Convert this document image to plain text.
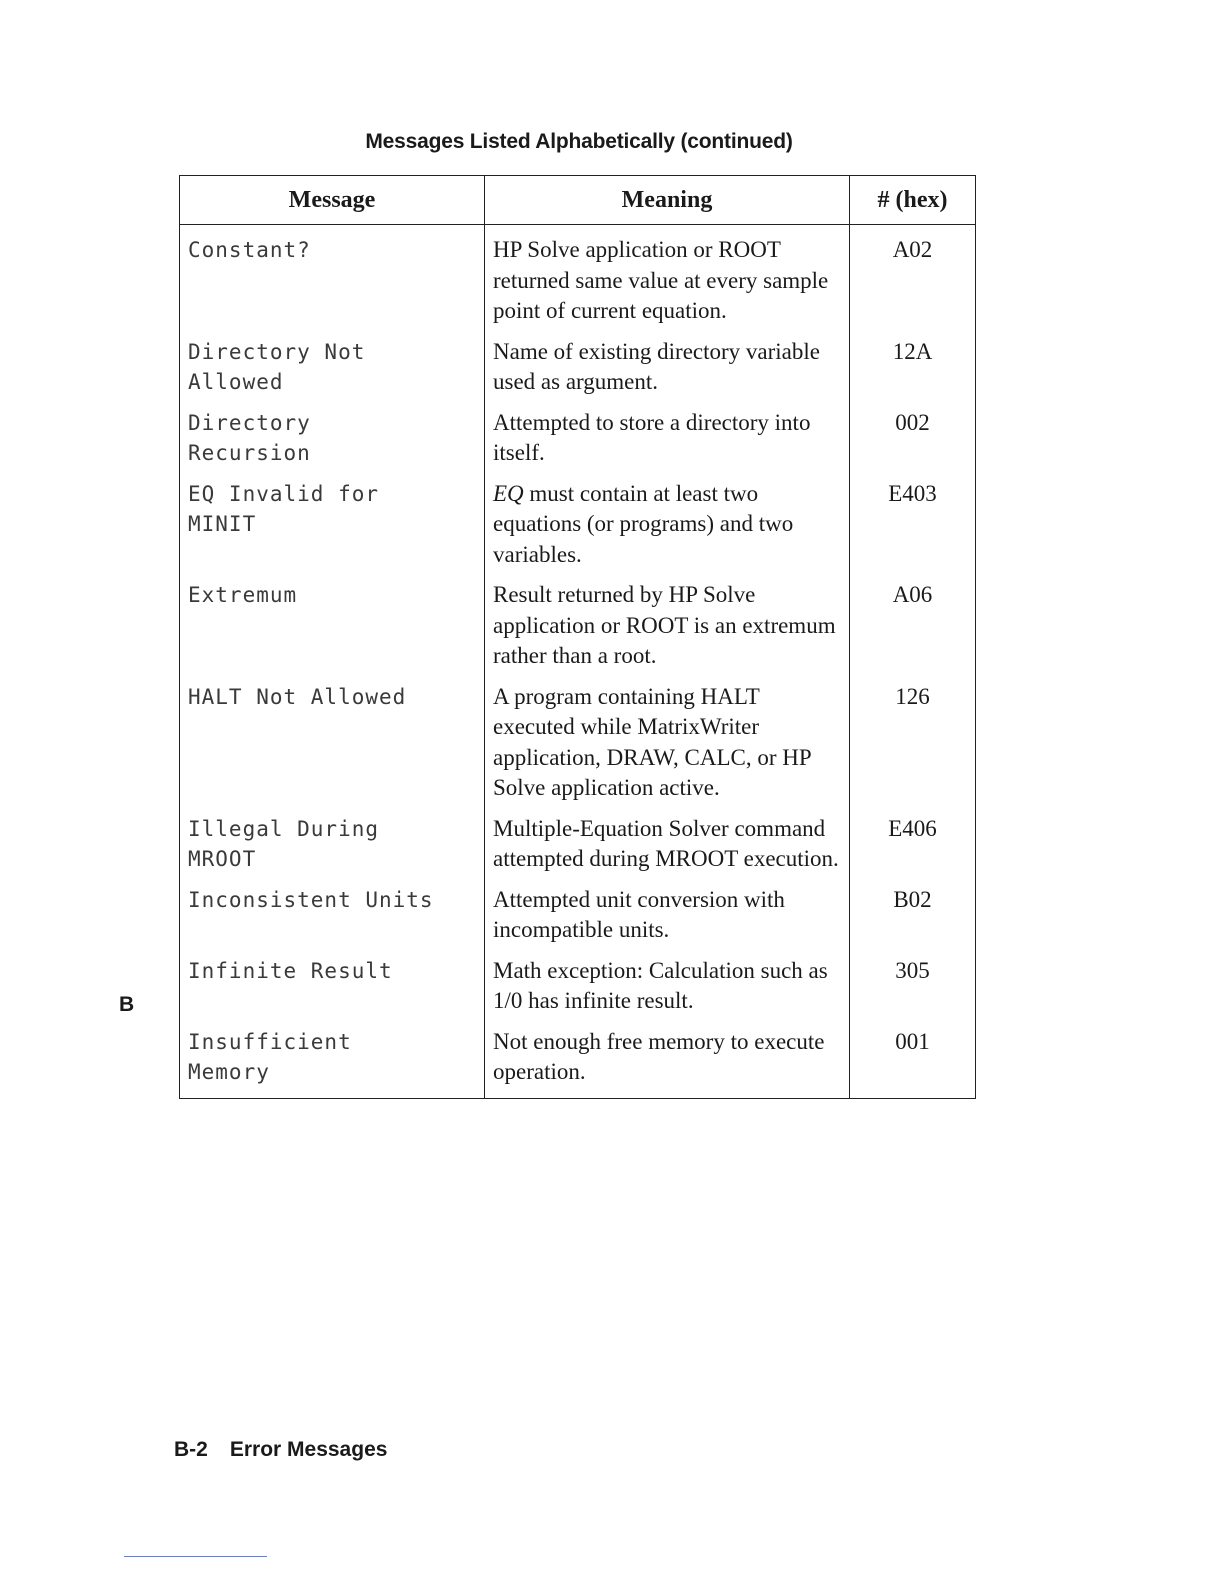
Messages Listed Alphabetically (continued)
Message	Meaning	# (hex)
Constant?	HP Solve application or ROOT returned same value at every sample point of current equation.	A02
Directory Not
Allowed	Name of existing directory variable used as argument.	12A
Directory
Recursion	Attempted to store a directory into itself.	002
EQ Invalid for
MINIT	EQ must contain at least two equations (or programs) and two variables.	E403
Extremum	Result returned by HP Solve application or ROOT is an extremum rather than a root.	A06
HALT Not Allowed	A program containing HALT executed while MatrixWriter application, DRAW, CALC, or HP Solve application active.	126
Illegal During
MROOT	Multiple-Equation Solver command attempted during MROOT execution.	E406
Inconsistent Units	Attempted unit conversion with incompatible units.	B02
Infinite Result	Math exception: Calculation such as 1/0 has infinite result.	305
Insufficient
Memory	Not enough free memory to execute operation.	001
B
B-2 Error Messages
